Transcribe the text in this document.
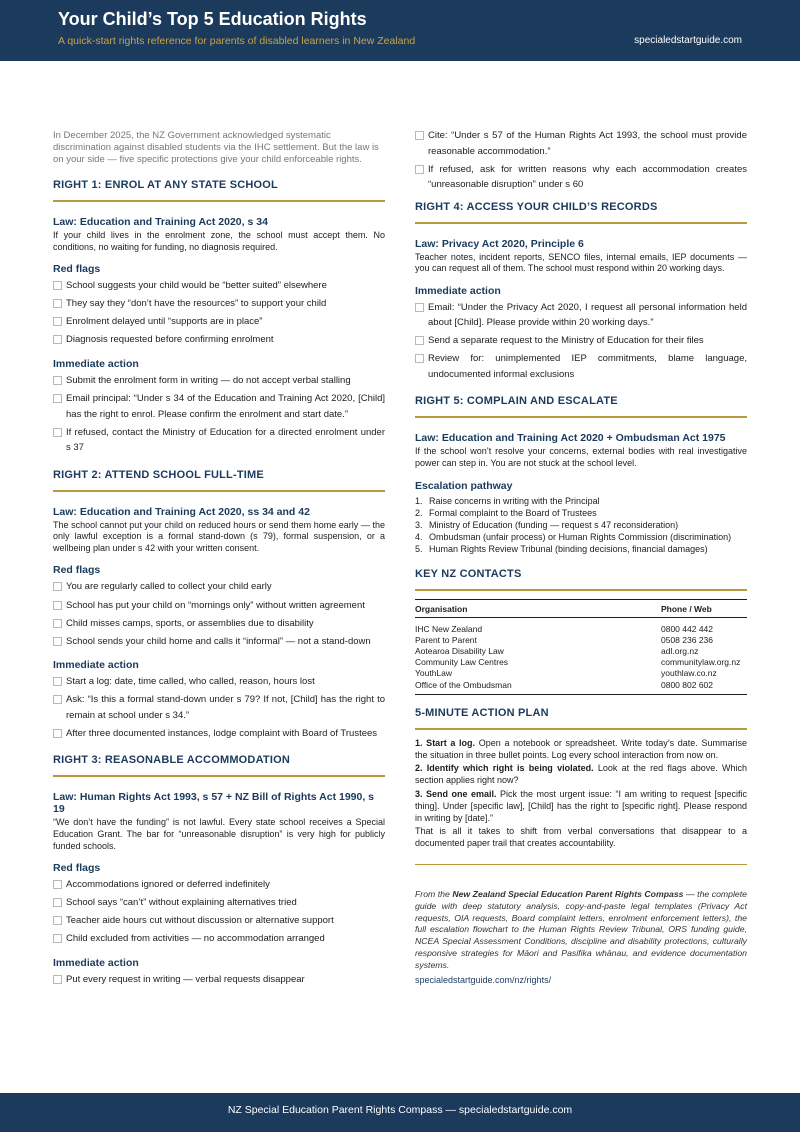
Your Child’s Top 5 Education Rights
A quick-start rights reference for parents of disabled learners in New Zealand	specialedstartguide.com

In December 2025, the NZ Government acknowledged systematic discrimination against disabled students via the IHC settlement. But the law is on your side — five specific protections give your child enforceable rights.

RIGHT 1: ENROL AT ANY STATE SCHOOL
Law: Education and Training Act 2020, s 34

If your child lives in the enrolment zone, the school must accept them. No conditions, no waiting for funding, no diagnosis required.

Red flags
School suggests your child would be “better suited” elsewhere
They say they “don’t have the resources” to support your child
Enrolment delayed until “supports are in place”
Diagnosis requested before confirming enrolment
Immediate action
Submit the enrolment form in writing — do not accept verbal stalling
Email principal: “Under s 34 of the Education and Training Act 2020, [Child] has the right to enrol. Please confirm the enrolment and start date.”
If refused, contact the Ministry of Education for a directed enrolment under s 37
RIGHT 2: ATTEND SCHOOL FULL-TIME
Law: Education and Training Act 2020, ss 34 and 42

The school cannot put your child on reduced hours or send them home early — the only lawful exception is a formal stand-down (s 79), formal suspension, or a wellbeing plan under s 42 with your written consent.

Red flags
You are regularly called to collect your child early
School has put your child on “mornings only” without written agreement
Child misses camps, sports, or assemblies due to disability
School sends your child home and calls it “informal” — not a stand-down
Immediate action
Start a log: date, time called, who called, reason, hours lost
Ask: “Is this a formal stand-down under s 79? If not, [Child] has the right to remain at school under s 34.”
After three documented instances, lodge complaint with Board of Trustees
RIGHT 3: REASONABLE ACCOMMODATION
Law: Human Rights Act 1993, s 57 + NZ Bill of Rights Act 1990, s 19

“We don’t have the funding” is not lawful. Every state school receives a Special Education Grant. The bar for “unreasonable disruption” is very high for publicly funded schools.

Red flags
Accommodations ignored or deferred indefinitely
School says “can’t” without explaining alternatives tried
Teacher aide hours cut without discussion or alternative support
Child excluded from activities — no accommodation arranged
Immediate action
Put every request in writing — verbal requests disappear
Cite: “Under s 57 of the Human Rights Act 1993, the school must provide reasonable accommodation.”
If refused, ask for written reasons why each accommodation creates “unreasonable disruption” under s 60
RIGHT 4: ACCESS YOUR CHILD’S RECORDS
Law: Privacy Act 2020, Principle 6

Teacher notes, incident reports, SENCO files, internal emails, IEP documents — you can request all of them. The school must respond within 20 working days.

Immediate action
Email: “Under the Privacy Act 2020, I request all personal information held about [Child]. Please provide within 20 working days.”
Send a separate request to the Ministry of Education for their files
Review for: unimplemented IEP commitments, blame language, undocumented informal exclusions
RIGHT 5: COMPLAIN AND ESCALATE
Law: Education and Training Act 2020 + Ombudsman Act 1975

If the school won’t resolve your concerns, external bodies with real investigative power can step in. You are not stuck at the school level.

Escalation pathway
1. Raise concerns in writing with the Principal
2. Formal complaint to the Board of Trustees
3. Ministry of Education (funding — request s 47 reconsideration)
4. Ombudsman (unfair process) or Human Rights Commission (discrimination)
5. Human Rights Review Tribunal (binding decisions, financial damages)
KEY NZ CONTACTS
Organisation	Phone / Web
IHC New Zealand	0800 442 442
Parent to Parent	0508 236 236
Aotearoa Disability Law	adl.org.nz
Community Law Centres	communitylaw.org.nz
YouthLaw	youthlaw.co.nz
Office of the Ombudsman	0800 802 602
5-MINUTE ACTION PLAN

1. Start a log. Open a notebook or spreadsheet. Write today’s date. Summarise the situation in three bullet points. Log every school interaction from now on.

2. Identify which right is being violated. Look at the red flags above. Which section applies right now?

3. Send one email. Pick the most urgent issue: “I am writing to request [specific thing]. Under [specific law], [Child] has the right to [specific right]. Please respond in writing by [date].”

That is all it takes to shift from verbal conversations that disappear to a documented paper trail that creates accountability.

From the New Zealand Special Education Parent Rights Compass — the complete guide with deep statutory analysis, copy-and-paste legal templates (Privacy Act requests, OIA requests, Board complaint letters, enrolment enforcement letters), the full escalation flowchart to the Human Rights Review Tribunal, ORS funding guide, NCEA Special Assessment Conditions, discipline and disability protections, culturally responsive strategies for Māori and Pasifika whānau, and evidence documentation systems.

specialedstartguide.com/nz/rights/
NZ Special Education Parent Rights Compass — specialedstartguide.com
